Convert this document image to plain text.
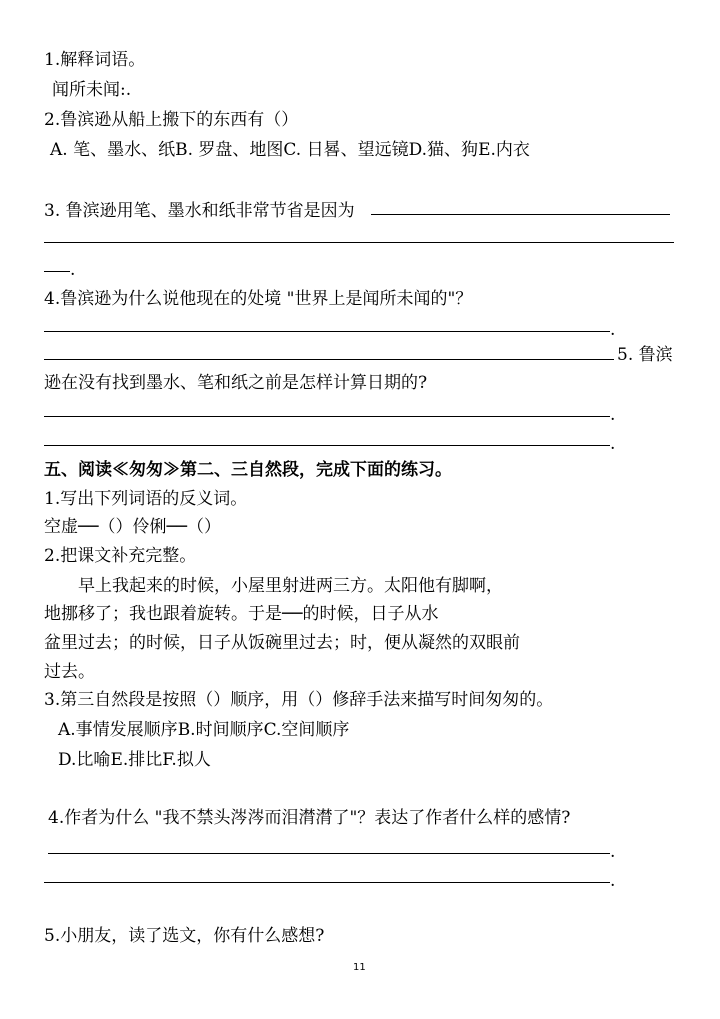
1.解释词语。
闻所未闻:.
2.鲁滨逊从船上搬下的东西有（）
A. 笔、墨水、纸B. 罗盘、地图C. 日晷、望远镜D.猫、狗E.内衣
3. 鲁滨逊用笔、墨水和纸非常节省是因为
.
4.鲁滨逊为什么说他现在的处境 "世界上是闻所未闻的"？
.
5. 鲁滨
逊在没有找到墨水、笔和纸之前是怎样计算日期的?
.
.
五、阅读≪匆匆≫第二、三自然段，完成下面的练习。
1.写出下列词语的反义词。
空虚──（）伶俐──（）
2.把课文补充完整。
早上我起来的时候，小屋里射进两三方。太阳他有脚啊，
地挪移了；我也跟着旋转。于是──的时候，日子从水
盆里过去；的时候，日子从饭碗里过去；时，便从凝然的双眼前
过去。
3.第三自然段是按照（）顺序，用（）修辞手法来描写时间匆匆的。
A.事情发展顺序B.时间顺序C.空间顺序
D.比喻E.排比F.拟人
4.作者为什么 "我不禁头涔涔而泪潸潸了"？表达了作者什么样的感情?
.
.
5.小朋友，读了选文，你有什么感想?
11
